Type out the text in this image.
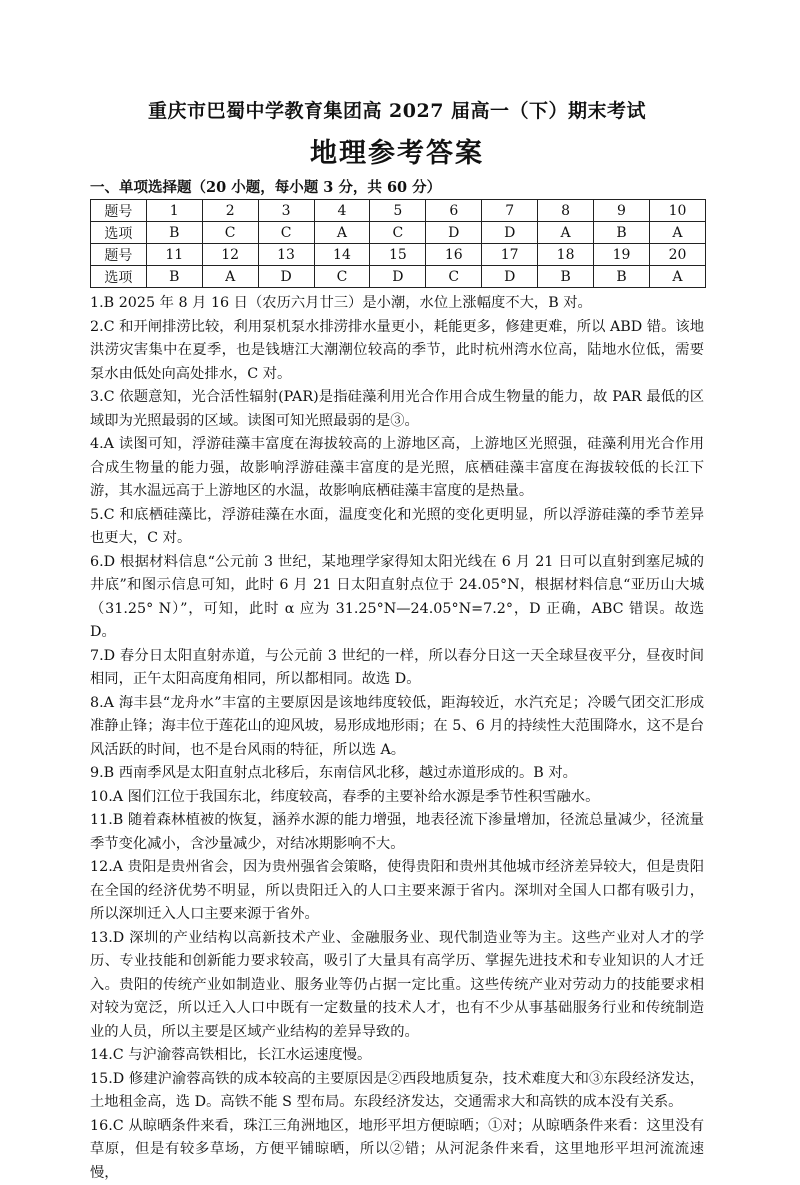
重庆市巴蜀中学教育集团高 2027 届高一（下）期末考试
地理参考答案
一、单项选择题（20 小题，每小题 3 分，共 60 分）
题号	1	2	3	4	5	6	7	8	9	10
选项	B	C	C	A	C	D	D	A	B	A
题号	11	12	13	14	15	16	17	18	19	20
选项	B	A	D	C	D	C	D	B	B	A

1.B 2025 年 8 月 16 日（农历六月廿三）是小潮，水位上涨幅度不大，B 对。

2.C 和开闸排涝比较，利用泵机泵水排涝排水量更小，耗能更多，修建更难，所以 ABD 错。该地洪涝灾害集中在夏季，也是钱塘江大潮潮位较高的季节，此时杭州湾水位高，陆地水位低，需要泵水由低处向高处排水，C 对。

3.C 依题意知，光合活性辐射(PAR)是指硅藻利用光合作用合成生物量的能力，故 PAR 最低的区域即为光照最弱的区域。读图可知光照最弱的是③。

4.A 读图可知，浮游硅藻丰富度在海拔较高的上游地区高，上游地区光照强，硅藻利用光合作用合成生物量的能力强，故影响浮游硅藻丰富度的是光照，底栖硅藻丰富度在海拔较低的长江下游，其水温远高于上游地区的水温，故影响底栖硅藻丰富度的是热量。

5.C 和底栖硅藻比，浮游硅藻在水面，温度变化和光照的变化更明显，所以浮游硅藻的季节差异也更大，C 对。

6.D 根据材料信息“公元前 3 世纪，某地理学家得知太阳光线在 6 月 21 日可以直射到塞尼城的井底”和图示信息可知，此时 6 月 21 日太阳直射点位于 24.05°N，根据材料信息“亚历山大城（31.25° N）”，可知，此时 α 应为 31.25°N—24.05°N=7.2°，D 正确，ABC 错误。故选 D。

7.D 春分日太阳直射赤道，与公元前 3 世纪的一样，所以春分日这一天全球昼夜平分，昼夜时间相同，正午太阳高度角相同，所以都相同。故选 D。

8.A 海丰县“龙舟水”丰富的主要原因是该地纬度较低，距海较近，水汽充足；冷暖气团交汇形成准静止锋；海丰位于莲花山的迎风坡，易形成地形雨；在 5、6 月的持续性大范围降水，这不是台风活跃的时间，也不是台风雨的特征，所以选 A。

9.B 西南季风是太阳直射点北移后，东南信风北移，越过赤道形成的。B 对。

10.A 图们江位于我国东北，纬度较高，春季的主要补给水源是季节性积雪融水。

11.B 随着森林植被的恢复，涵养水源的能力增强，地表径流下渗量增加，径流总量减少，径流量季节变化减小，含沙量减少，对结冰期影响不大。

12.A 贵阳是贵州省会，因为贵州强省会策略，使得贵阳和贵州其他城市经济差异较大，但是贵阳在全国的经济优势不明显，所以贵阳迁入的人口主要来源于省内。深圳对全国人口都有吸引力，所以深圳迁入人口主要来源于省外。

13.D 深圳的产业结构以高新技术产业、金融服务业、现代制造业等为主。这些产业对人才的学历、专业技能和创新能力要求较高，吸引了大量具有高学历、掌握先进技术和专业知识的人才迁入。贵阳的传统产业如制造业、服务业等仍占据一定比重。这些传统产业对劳动力的技能要求相对较为宽泛，所以迁入人口中既有一定数量的技术人才，也有不少从事基础服务行业和传统制造业的人员，所以主要是区域产业结构的差异导致的。

14.C 与沪渝蓉高铁相比，长江水运速度慢。

15.D 修建沪渝蓉高铁的成本较高的主要原因是②西段地质复杂，技术难度大和③东段经济发达，土地租金高，选 D。高铁不能 S 型布局。东段经济发达，交通需求大和高铁的成本没有关系。

16.C 从晾晒条件来看，珠江三角洲地区，地形平坦方便晾晒；①对；从晾晒条件来看：这里没有草原，但是有较多草场，方便平铺晾晒，所以②错；从河泥条件来看，这里地形平坦河流流速慢，
